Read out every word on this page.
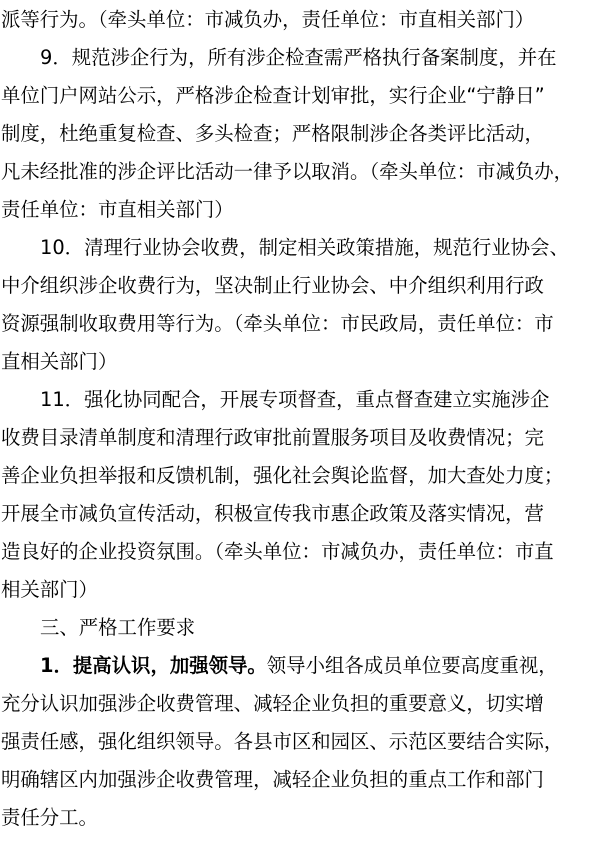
派等行为。（牵头单位：市减负办，责任单位：市直相关部门）
9．规范涉企行为，所有涉企检查需严格执行备案制度，并在
单位门户网站公示，严格涉企检查计划审批，实行企业“宁静日”
制度，杜绝重复检查、多头检查；严格限制涉企各类评比活动，
凡未经批准的涉企评比活动一律予以取消。（牵头单位：市减负办，
责任单位：市直相关部门）
10．清理行业协会收费，制定相关政策措施，规范行业协会、
中介组织涉企收费行为，坚决制止行业协会、中介组织利用行政
资源强制收取费用等行为。（牵头单位：市民政局，责任单位：市
直相关部门）
11．强化协同配合，开展专项督查，重点督查建立实施涉企
收费目录清单制度和清理行政审批前置服务项目及收费情况；完
善企业负担举报和反馈机制，强化社会舆论监督，加大查处力度；
开展全市减负宣传活动，积极宣传我市惠企政策及落实情况，营
造良好的企业投资氛围。（牵头单位：市减负办，责任单位：市直
相关部门）
三、严格工作要求
1．提高认识，加强领导。领导小组各成员单位要高度重视，
充分认识加强涉企收费管理、减轻企业负担的重要意义，切实增
强责任感，强化组织领导。各县市区和园区、示范区要结合实际，
明确辖区内加强涉企收费管理，减轻企业负担的重点工作和部门
责任分工。
